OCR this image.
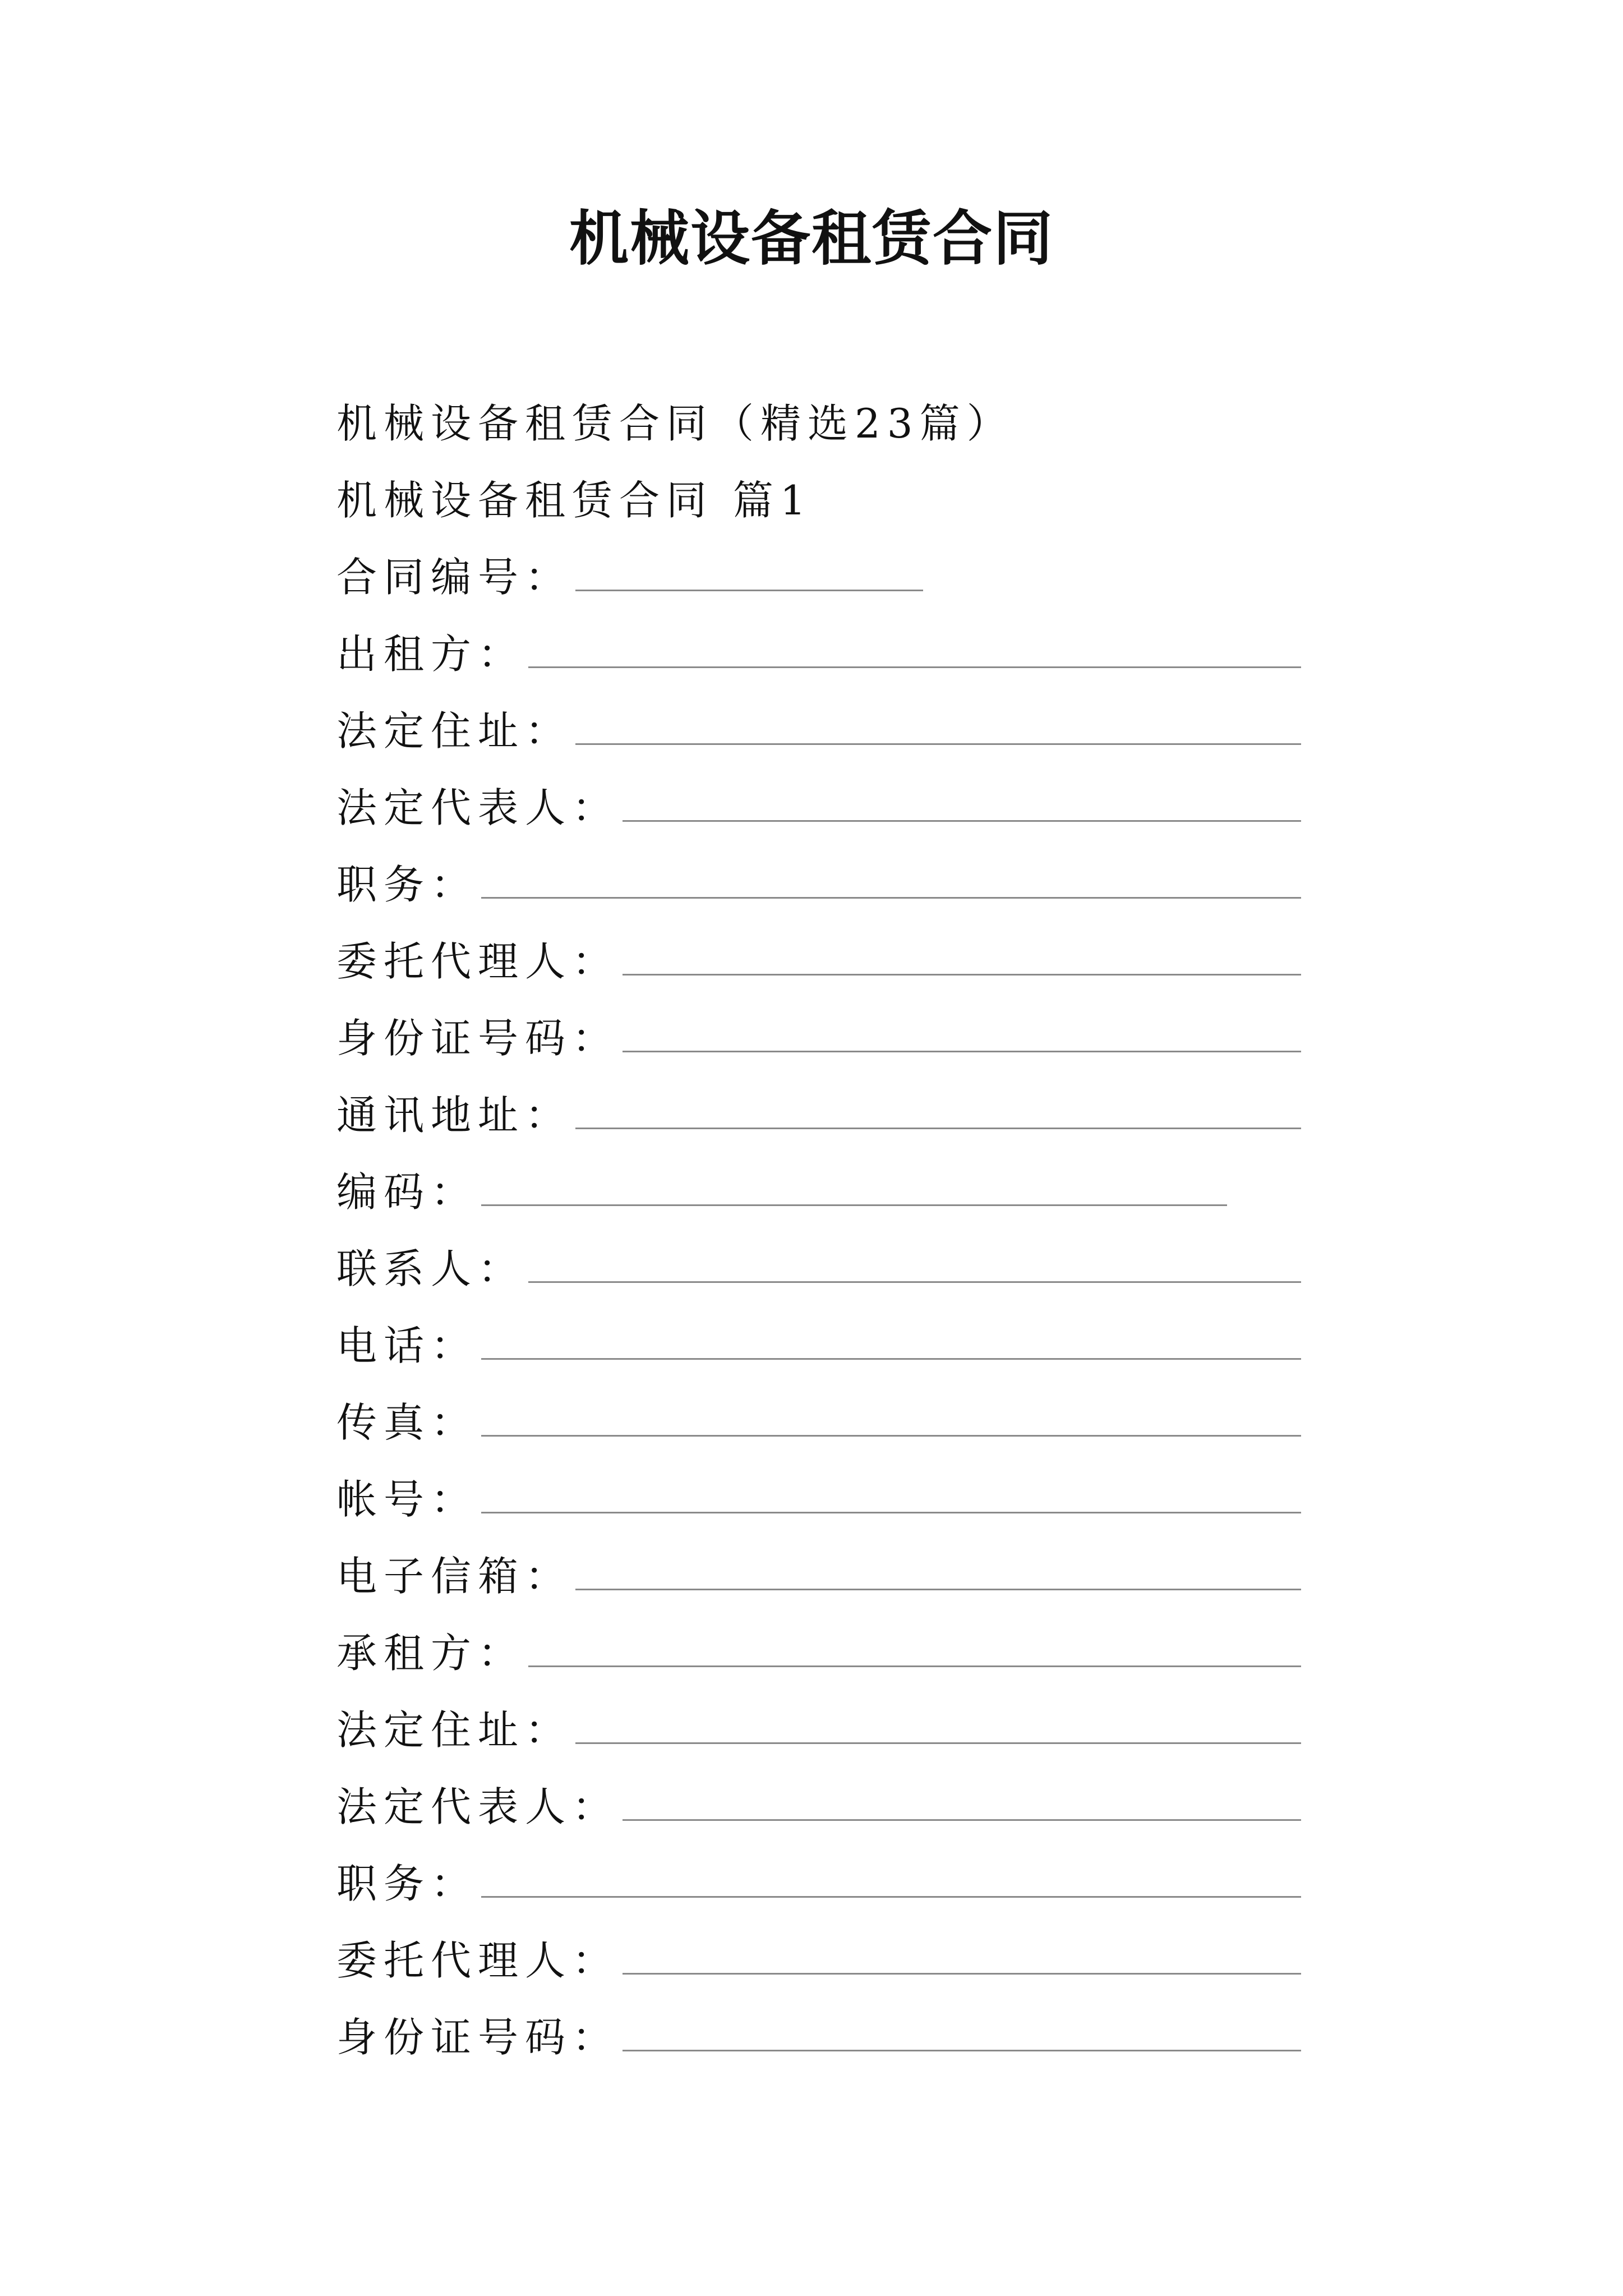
机械设备租赁合同
机械设备租赁合同（精选23篇）
机械设备租赁合同 篇1
合同编号：
出租方：
法定住址：
法定代表人：
职务：
委托代理人：
身份证号码：
通讯地址：
编码：
联系人：
电话：
传真：
帐号：
电子信箱：
承租方：
法定住址：
法定代表人：
职务：
委托代理人：
身份证号码：
